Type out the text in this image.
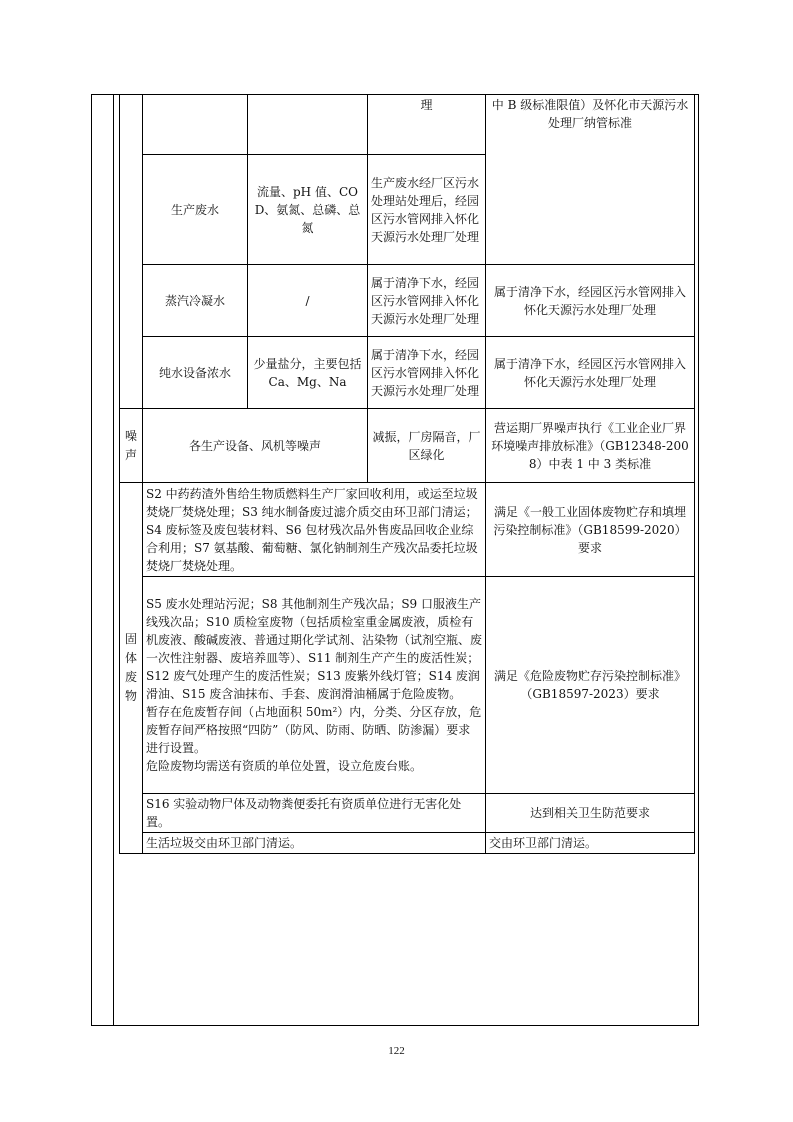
			理	中 B 级标准限值）及怀化市天源污水处理厂纳管标准
	生产废水	流量、pH 值、COD、氨氮、总磷、总氮	生产废水经厂区污水处理站处理后，经园区污水管网排入怀化天源污水处理厂处理	
	蒸汽冷凝水	/	属于清净下水，经园区污水管网排入怀化天源污水处理厂处理	属于清净下水，经园区污水管网排入怀化天源污水处理厂处理
	纯水设备浓水	少量盐分，主要包括 Ca、Mg、Na	属于清净下水，经园区污水管网排入怀化天源污水处理厂处理	属于清净下水，经园区污水管网排入怀化天源污水处理厂处理

噪声	各生产设备、风机等噪声		减振，厂房隔音，厂区绿化	营运期厂界噪声执行《工业企业厂界环境噪声排放标准》（GB12348-2008）中表 1 中 3 类标准

固体废物	S2 中药药渣外售给生物质燃料生产厂家回收利用，或运至垃圾焚烧厂焚烧处理；S3 纯水制备废过滤介质交由环卫部门清运；S4 废标签及废包装材料、S6 包材残次品外售废品回收企业综合利用；S7 氨基酸、葡萄糖、氯化钠制剂生产残次品委托垃圾焚烧厂焚烧处理。			满足《一般工业固体废物贮存和填埋污染控制标准》（GB18599-2020）要求

	S5 废水处理站污泥；S8 其他制剂生产残次品；S9 口服液生产线残次品；S10 质检室废物（包括质检室重金属废液，质检有机废液、酸碱废液、普通过期化学试剂、沾染物（试剂空瓶、废一次性注射器、废培养皿等）、S11 制剂生产产生的废活性炭；S12 废气处理产生的废活性炭；S13 废紫外线灯管；S14 废润滑油、S15 废含油抹布、手套、废润滑油桶属于危险废物。
暂存在危废暂存间（占地面积 50m²）内，分类、分区存放，危废暂存间严格按照“四防”（防风、防雨、防晒、防渗漏）要求进行设置。
危险废物均需送有资质的单位处置，设立危废台账。			满足《危险废物贮存污染控制标准》（GB18597-2023）要求
	S16 实验动物尸体及动物粪便委托有资质单位进行无害化处置。			达到相关卫生防范要求
	生活垃圾交由环卫部门清运。			交由环卫部门清运。
122
